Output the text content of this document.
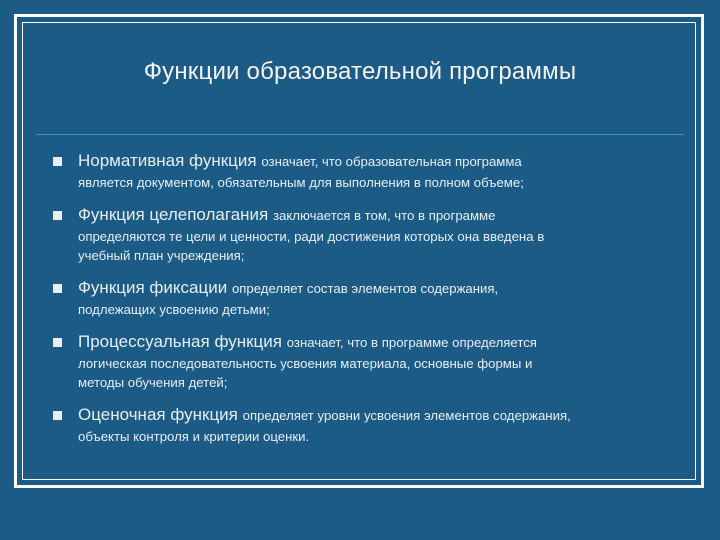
Функции образовательной программы
Нормативная функция означает, что образовательная программа
является документом, обязательным для выполнения в полном объеме;
Функция целеполагания заключается в том, что в программе
определяются те цели и ценности, ради достижения которых она введена в
учебный план учреждения;
Функция фиксации определяет состав элементов содержания,
подлежащих усвоению детьми;
Процессуальная функция означает, что в программе определяется
логическая последовательность усвоения материала, основные формы и
методы обучения детей;
Оценочная функция определяет уровни усвоения элементов содержания,
объекты контроля и критерии оценки.
